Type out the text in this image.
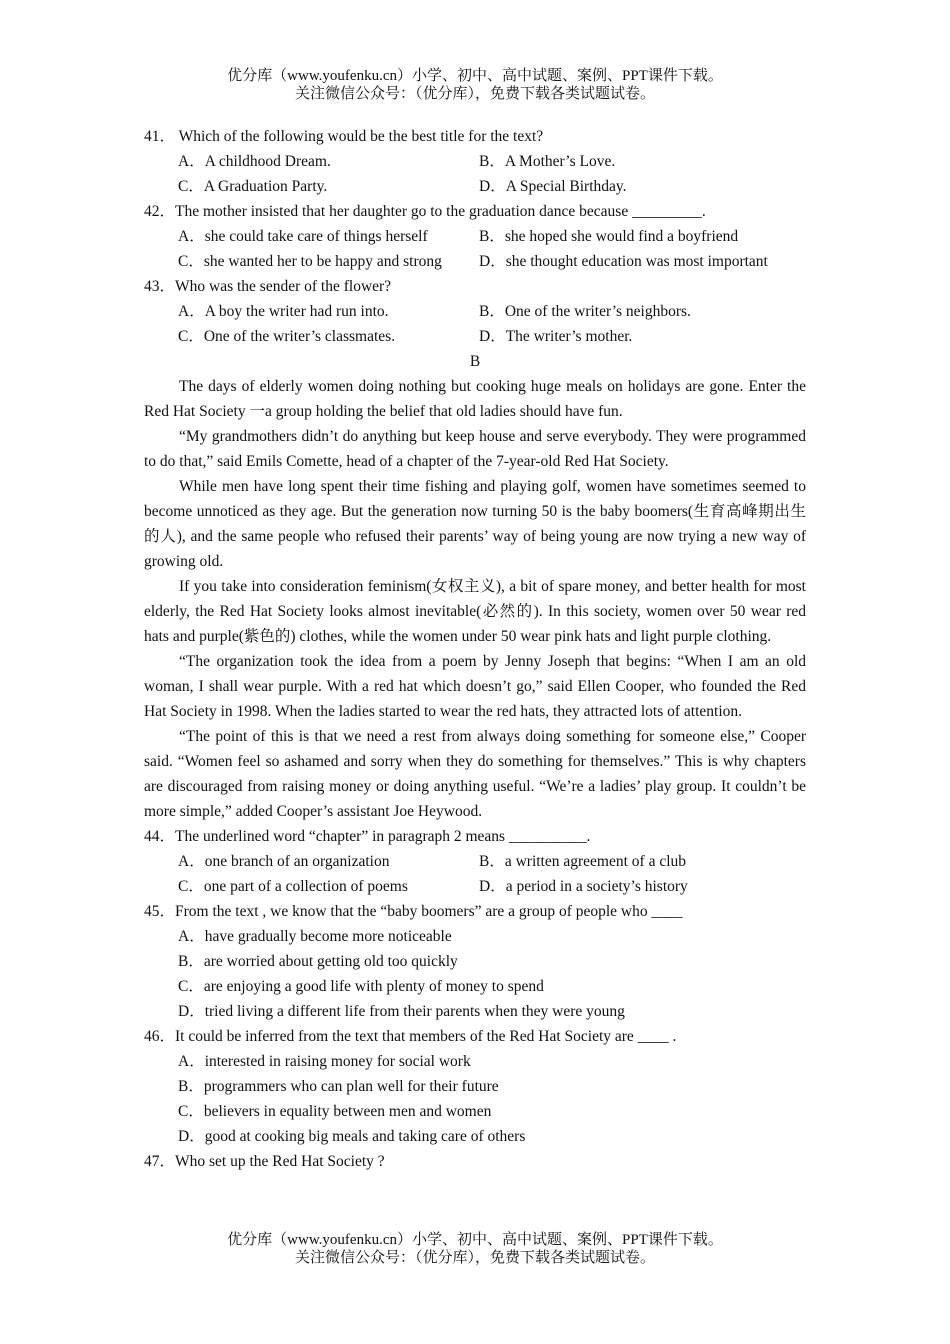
优分库（www.youfenku.cn）小学、初中、高中试题、案例、PPT课件下载。
关注微信公众号：（优分库），免费下载各类试题试卷。
41． Which of the following would be the best title for the text?
A．A childhood Dream.	B．A Mother’s Love.
C．A Graduation Party.	D．A Special Birthday.
42．The mother insisted that her daughter go to the graduation dance because _________.
A．she could take care of things herself	B．she hoped she would find a boyfriend
C．she wanted her to be happy and strong	D．she thought education was most important
43．Who was the sender of the flower?
A．A boy the writer had run into.	B．One of the writer’s neighbors.
C．One of the writer’s classmates.	D．The writer’s mother.
B
The days of elderly women doing nothing but cooking huge meals on holidays are gone. Enter the Red Hat Society 一a group holding the belief that old ladies should have fun.
“My grandmothers didn’t do anything but keep house and serve everybody. They were programmed to do that,” said Emils Comette, head of a chapter of the 7-year-old Red Hat Society.
While men have long spent their time fishing and playing golf, women have sometimes seemed to become unnoticed as they age. But the generation now turning 50 is the baby boomers(生育高峰期出生的人), and the same people who refused their parents’ way of being young are now trying a new way of growing old.
If you take into consideration feminism(女权主义), a bit of spare money, and better health for most elderly, the Red Hat Society looks almost inevitable(必然的). In this society, women over 50 wear red hats and purple(紫色的) clothes, while the women under 50 wear pink hats and light purple clothing.
“The organization took the idea from a poem by Jenny Joseph that begins: “When I am an old woman, I shall wear purple. With a red hat which doesn’t go,” said Ellen Cooper, who founded the Red Hat Society in 1998. When the ladies started to wear the red hats, they attracted lots of attention.
“The point of this is that we need a rest from always doing something for someone else,” Cooper said. “Women feel so ashamed and sorry when they do something for themselves.” This is why chapters are discouraged from raising money or doing anything useful. “We’re a ladies’ play group. It couldn’t be more simple,” added Cooper’s assistant Joe Heywood.
44．The underlined word “chapter” in paragraph 2 means __________.
A．one branch of an organization	B．a written agreement of a club
C．one part of a collection of poems	D．a period in a society’s history
45．From the text , we know that the “baby boomers” are a group of people who ____
A．have gradually become more noticeable
B．are worried about getting old too quickly
C．are enjoying a good life with plenty of money to spend
D．tried living a different life from their parents when they were young
46．It could be inferred from the text that members of the Red Hat Society are ____ .
A．interested in raising money for social work
B．programmers who can plan well for their future
C．believers in equality between men and women
D．good at cooking big meals and taking care of others
47．Who set up the Red Hat Society ?
优分库（www.youfenku.cn）小学、初中、高中试题、案例、PPT课件下载。
关注微信公众号：（优分库），免费下载各类试题试卷。
